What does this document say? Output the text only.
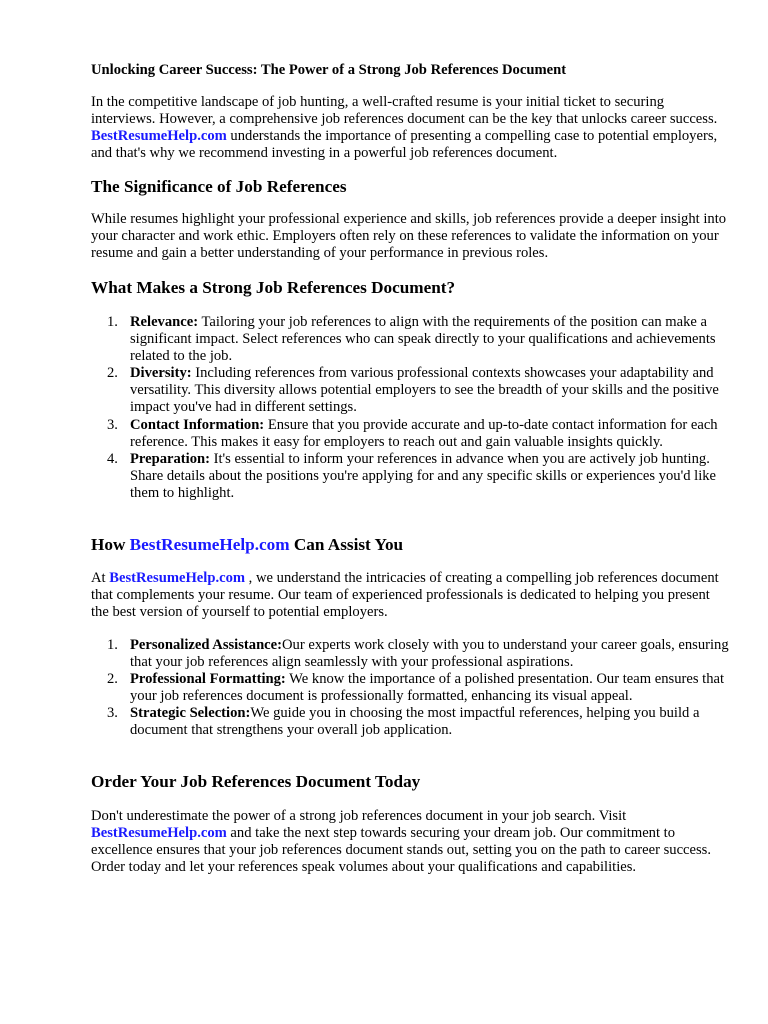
Unlocking Career Success: The Power of a Strong Job References Document

In the competitive landscape of job hunting, a well-crafted resume is your initial ticket to securing interviews. However, a comprehensive job references document can be the key that unlocks career success. BestResumeHelp.com understands the importance of presenting a compelling case to potential employers, and that's why we recommend investing in a powerful job references document.

The Significance of Job References

While resumes highlight your professional experience and skills, job references provide a deeper insight into your character and work ethic. Employers often rely on these references to validate the information on your resume and gain a better understanding of your performance in previous roles.

What Makes a Strong Job References Document?
1. Relevance: Tailoring your job references to align with the requirements of the position can make a significant impact. Select references who can speak directly to your qualifications and achievements related to the job.
2. Diversity: Including references from various professional contexts showcases your adaptability and versatility. This diversity allows potential employers to see the breadth of your skills and the positive impact you've had in different settings.
3. Contact Information: Ensure that you provide accurate and up-to-date contact information for each reference. This makes it easy for employers to reach out and gain valuable insights quickly.
4. Preparation: It's essential to inform your references in advance when you are actively job hunting. Share details about the positions you're applying for and any specific skills or experiences you'd like them to highlight.
How BestResumeHelp.com Can Assist You

At BestResumeHelp.com , we understand the intricacies of creating a compelling job references document that complements your resume. Our team of experienced professionals is dedicated to helping you present the best version of yourself to potential employers.

1. Personalized Assistance:Our experts work closely with you to understand your career goals, ensuring that your job references align seamlessly with your professional aspirations.
2. Professional Formatting: We know the importance of a polished presentation. Our team ensures that your job references document is professionally formatted, enhancing its visual appeal.
3. Strategic Selection:We guide you in choosing the most impactful references, helping you build a document that strengthens your overall job application.
Order Your Job References Document Today

Don't underestimate the power of a strong job references document in your job search. Visit BestResumeHelp.com and take the next step towards securing your dream job. Our commitment to excellence ensures that your job references document stands out, setting you on the path to career success. Order today and let your references speak volumes about your qualifications and capabilities.
